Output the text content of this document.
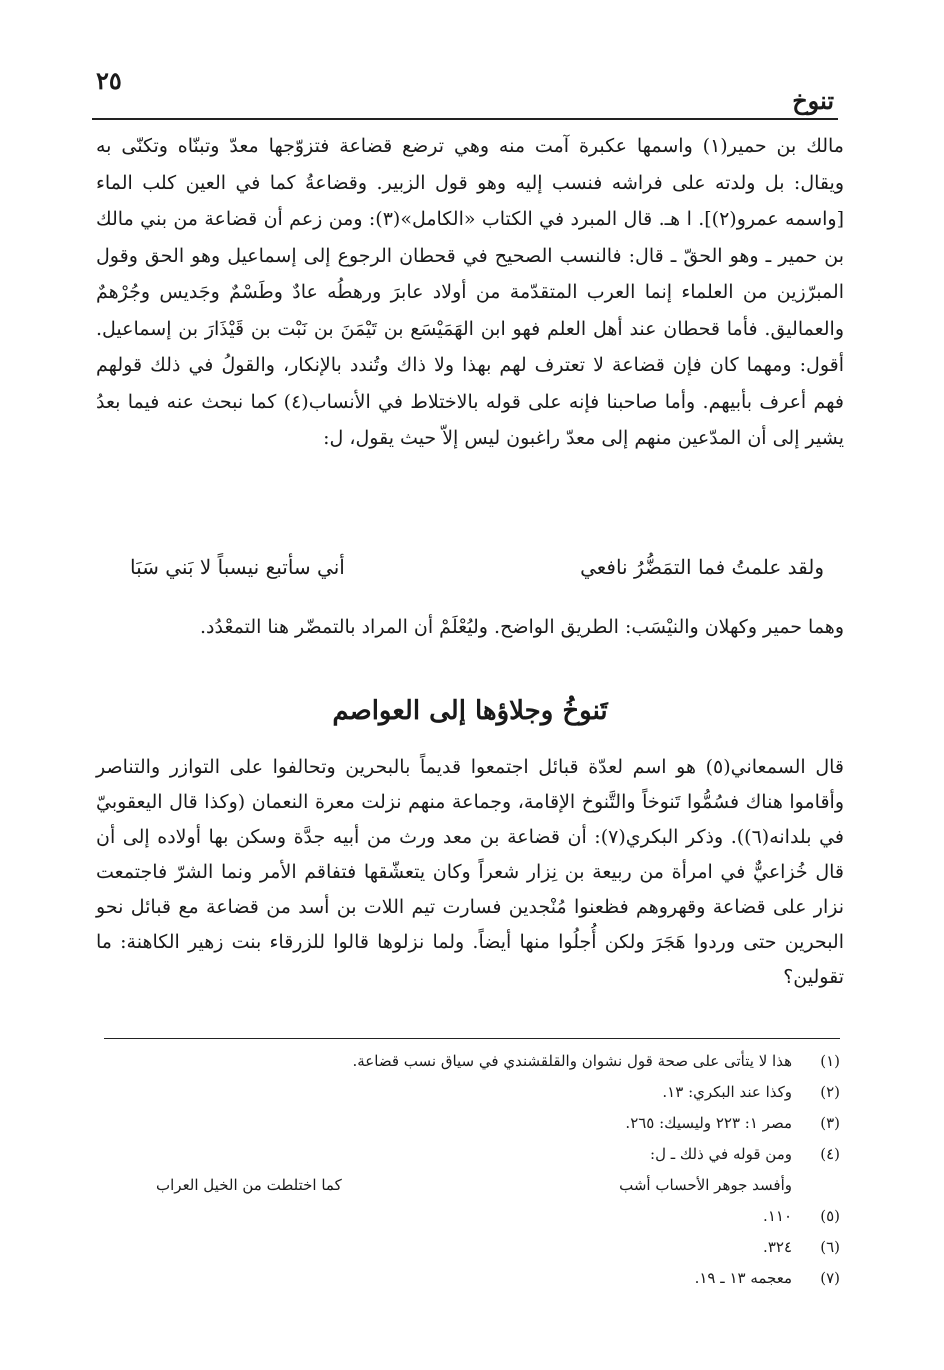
٢٥
تنوخ

مالك بن حمير(١) واسمها عكبرة آمت منه وهي ترضع قضاعة فتزوّجها معدّ وتبنّاه وتكنّى به ويقال: بل ولدته على فراشه فنسب إليه وهو قول الزبير. وقضاعةُ كما في العين كلب الماء [واسمه عمرو(٢)]. ا هـ. قال المبرد في الكتاب «الكامل»(٣): ومن زعم أن قضاعة من بني مالك بن حمير ـ وهو الحقّ ـ قال: فالنسب الصحيح في قحطان الرجوع إلى إسماعيل وهو الحق وقول المبرّزين من العلماء إنما العرب المتقدّمة من أولاد عابرَ ورهطُه عادٌ وطَسْمٌ وجَديس وجُرْهمٌ والعماليق. فأما قحطان عند أهل العلم فهو ابن الهَمَيْسَع بن تَيْمَنَ بن نَبْت بن قَيْذَارَ بن إسماعيل. أقول: ومهما كان فإن قضاعة لا تعترف لهم بهذا ولا ذاك وتُندد بالإنكار، والقولُ في ذلك قولهم فهم أعرف بأبيهم. وأما صاحبنا فإنه على قوله بالاختلاط في الأنساب(٤) كما نبحث عنه فيما بعدُ يشير إلى أن المدّعين منهم إلى معدّ راغبون ليس إلاّ حيث يقول، ل:

ولقد علمتُ فما التمَضُّرُ نافعي
أني سأتبع نيسباً لا بَني سَبَا

وهما حمير وكهلان والنيْسَب: الطريق الواضح. وليُعْلَمْ أن المراد بالتمضّر هنا التمعْدُد.

تَنوخُ وجلاؤها إلى العواصم

قال السمعاني(٥) هو اسم لعدّة قبائل اجتمعوا قديماً بالبحرين وتحالفوا على التوازر والتناصر وأقاموا هناك فسُمُّوا تَنوخاً والتَّنوخ الإقامة، وجماعة منهم نزلت معرة النعمان (وكذا قال اليعقوبيّ في بلدانه(٦)). وذكر البكري(٧): أن قضاعة بن معد ورث من أبيه جدَّة وسكن بها أولاده إلى أن قال خُزاعيٌّ في امرأة من ربيعة بن نِزار شعراً وكان يتعشّقها فتفاقم الأمر ونما الشرّ فاجتمعت نزار على قضاعة وقهروهم فظعنوا مُنْجدين فسارت تيم اللات بن أسد من قضاعة مع قبائل نحو البحرين حتى وردوا هَجَرَ ولكن أُجلُوا منها أيضاً. ولما نزلوها قالوا للزرقاء بنت زهير الكاهنة: ما تقولين؟

(١)
هذا لا يتأتى على صحة قول نشوان والقلقشندي في سياق نسب قضاعة.
(٢)
وكذا عند البكري: ١٣.
(٣)
مصر ١: ٢٢٣ وليسيك: ٢٦٥.
(٤)
ومن قوله في ذلك ـ ل:
وأفسد جوهر الأحساب أشب
كما اختلطت من الخيل العراب
(٥)
١١٠.
(٦)
٣٢٤.
(٧)
معجمه ١٣ ـ ١٩.
